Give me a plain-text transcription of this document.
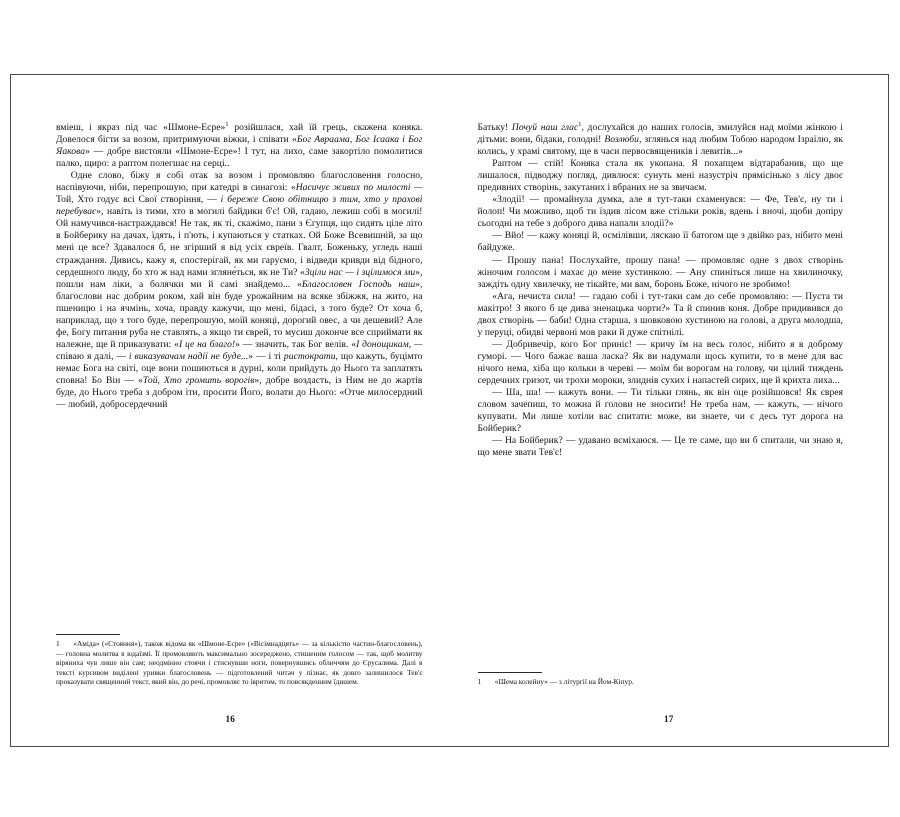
вміеш, і якраз під час «Шмоне-Есре»$^1$ розійшлася, хай їй грець, скажена коняка. Довелося бігти за возом, притримуючи віжки, і співати «Бог Авраама, Бог Ісаака і Бог Яакова» — добре вистояли «Шмоне-Есре»! І тут, на лихо, саме закортіло помолитися палко, щиро: а раптом полегшає на серці..

Одне слово, біжу я собі отак за возом і промовляю благословення голосно, наспівуючи, ніби, перепрошую, при катедрі в синагозі: «Насичує живих по милості — Той, Хто годує всі Свої створіння, — і береже Свою обітницю з тим, хто у прахові перебуває», навіть із тими, хто в могилі байдики б'є! Ой, гадаю, лежиш собі в могилі! Ой намучився-настраждався! Не так, як ті, скажімо, пани з Єгупця, що сидять ціле літо в Бойберику на дачах, їдять, і п'ють, і купаються у статках. Ой Боже Всевишній, за що мені це все? Здавалося б, не згірший я від усіх євреїв. Гвалт, Боженьку, угледь наші страждання. Дивись, кажу я, спостерігай, як ми гаруємо, і відведи кривди від бідного, сердешного люду, бо хто ж над нами згляне́ться, як не Ти? «Зціли нас — і зцілимося ми», пошли нам ліки, а болячки ми й самі знайдемо... «Благословен Господь наш», благослови нас добрим роком, хай він буде урожайним на всяке збіжжя, на жито, на пшеницю і на ячмінь, хоча, правду кажучи, що мені, бідасі, з того буде? От хоча б, наприклад, що з того буде, перепрошую, моїй коняці, дорогий овес, а чи дешевий? Але фе, Богу питання руба не ставлять, а якщо ти єврей, то мусиш доконче все сприймати як належне, ще й приказувати: «І це на благо!» — значить, так Бог велів. «І донощикам, — співаю я далі, — і виказувачам надії не буде...» — і ті ристократи, що кажуть, буцімто немає Бога на світі, оце вони пошиються в дурні, коли прийдуть до Нього та заплатять сповна! Бо Він — «Той, Хто громить ворогів», добре воздасть, із Ним не до жартів буде, до Нього треба з добром іти, просити Його, волати до Нього: «Отче милосердний — любий, добросердечний

1 «Аміда» («Стояння»), також відома як «Шмоне-Есре» («Вісімнадцять» — за кількістю частин-благословень), — головна молитва в юдаїзмі. Її промовляють максимально зосереджено, стишеним голосом — так, щоб молитву віряниха чув лише він сам; неодмінно стоячи і стиснувши ноги, повернувшись обличчям до Єрусалима. Далі в тексті курсивом виділені уривки благословень — підготовлений читач у пізнає, як довго залишилося Тев'є проказувати священний текст, який він, до речі, промовляє то івритом, то повсякденним їдишем.

16

Батьку! Почуй наш глас$^1$, дослухайся до наших голосів, змилуйся над моїми жінкою і дітьми: вони, бідаки, голодні! Возлюби, зглянься над любим Тобою народом Ізраїлю, як колись, у храмі святому, ще в часи первосвящеників і левитів...»

Раптом — стій! Коняка стала як укопана. Я похапцем відтарабанив, що ще лишалося, підводжу погляд, дивлюся: сунуть мені назустріч прямісінько з лісу двоє предивних створінь, закутаних і вбраних не за звичаєм.

«Злодії! — промайнула думка, але я тут-таки схаменувся: — Фе, Тев'є, ну ти і йолоп! Чи можливо, щоб ти їздив лісом вже стільки років, вдень і вночі, щоби допіру сьогодні на тебе з доброго дива напали злодії?»

— Вйо! — кажу коняці й, осмілівши, ляскаю її батогом ще з двійко раз, нібито мені байдуже.

— Прошу пана! Послухайте, прошу пана! — промовляє одне з двох створінь жіночим голосом і махає до мене хустинкою. — Ану спиніться лише на хвилиночку, заждіть одну хвилечку, не тікайте, ми вам, боронь Боже, нічого не зробимо!

«Ага, нечиста сила! — гадаю собі і тут-таки сам до себе промовляю: — Пуста ти макітро! З якого б це дива зненацька чорти?» Та й спинив коня. Добре придивився до двох створінь — баби! Одна старша, з шовковою хустиною на голові, а друга молодша, у перуці, обидві червоні мов раки й дуже спітнілі.

— Добривечір, кого Бог приніс! — кричу їм на весь голос, нібито я в доброму гуморі. — Чого бажає ваша ласка? Як ви надумали щось купити, то в мене для вас нічого нема, хіба що кольки в череві — моїм би ворогам на голову, чи цілий тиждень сердечних гризот, чи трохи мороки, злиднів сухих і напастей сирих, ще й крихта лиха...

— Ша, ша! — кажуть вони. — Ти тільки глянь, як він оце розійшовся! Як єврея словом зачепиш, то можна й голови не зносити! Не треба нам, — кажуть, — нічого купувати. Ми лише хотіли вас спитати: може, ви знаете, чи є десь тут дорога на Бойберик?

— На Бойберик? — удавано всміхаюся. — Це те саме, що ви б спитали, чи знаю я, що мене звати Тев'є!

1 «Шема колейну» — з літургії на Йом-Кіпур.

17
